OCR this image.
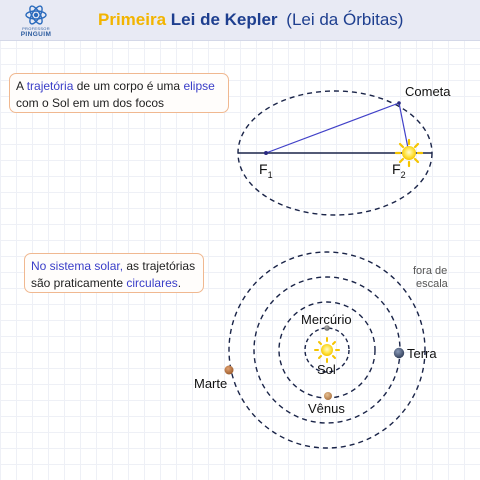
PROFESSOR
PINGUIM
Primeira Lei de Kepler (Lei da Órbitas)
A trajetória de um corpo é uma elipse com o Sol em um dos focos
No sistema solar, as trajetórias são praticamente circulares.
Cometa
$F_1$	$F_2$
Mercúrio
Sol
Vênus
Terra
Marte
fora de
escala
